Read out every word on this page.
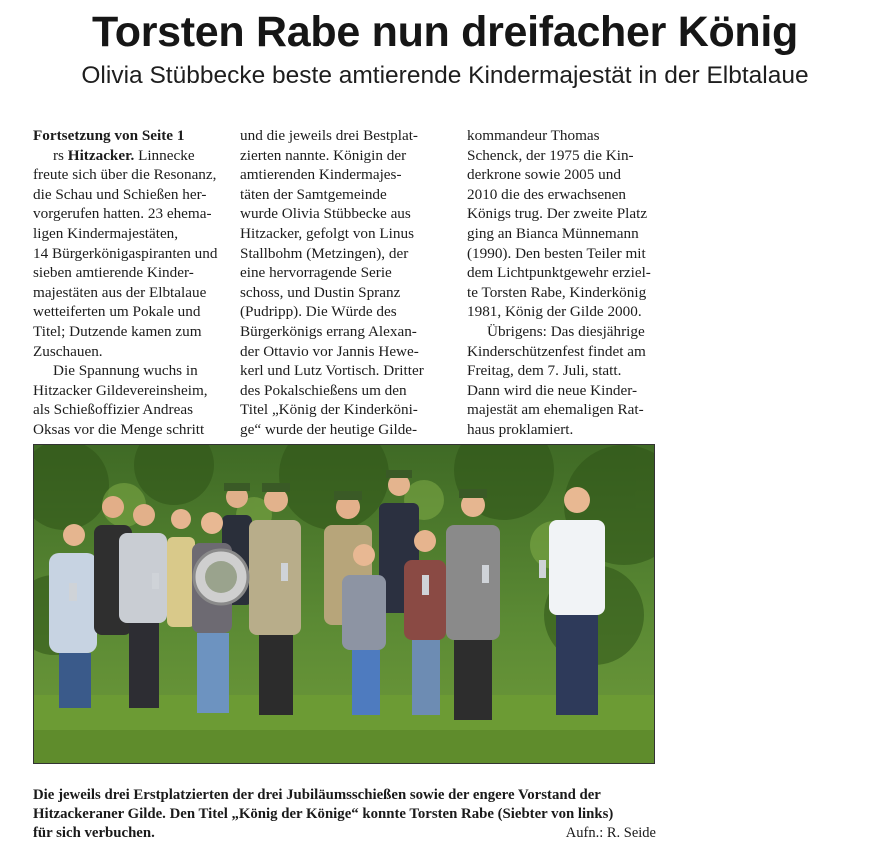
Torsten Rabe nun dreifacher König
Olivia Stübbecke beste amtierende Kindermajestät in der Elbtalaue
Fortsetzung von Seite 1
rs Hitzacker. Linnecke
freute sich über die Resonanz,
die Schau und Schießen her-
vorgerufen hatten. 23 ehema-
ligen Kindermajestäten,
14 Bürgerkönigaspiranten und
sieben amtierende Kinder-
majestäten aus der Elbtalaue
wetteiferten um Pokale und
Titel; Dutzende kamen zum
Zuschauen.
Die Spannung wuchs in
Hitzacker Gildevereinsheim,
als Schießoffizier Andreas
Oksas vor die Menge schritt
und die jeweils drei Bestplat-
zierten nannte. Königin der
amtierenden Kindermajes-
täten der Samtgemeinde
wurde Olivia Stübbecke aus
Hitzacker, gefolgt von Linus
Stallbohm (Metzingen), der
eine hervorragende Serie
schoss, und Dustin Spranz
(Pudripp). Die Würde des
Bürgerkönigs errang Alexan-
der Ottavio vor Jannis Hewe-
kerl und Lutz Vortisch. Dritter
des Pokalschießens um den
Titel „König der Kinderköni-
ge“ wurde der heutige Gilde-
kommandeur Thomas
Schenck, der 1975 die Kin-
derkrone sowie 2005 und
2010 die des erwachsenen
Königs trug. Der zweite Platz
ging an Bianca Münnemann
(1990). Den besten Teiler mit
dem Lichtpunktgewehr erziel-
te Torsten Rabe, Kinderkönig
1981, König der Gilde 2000.
Übrigens: Das diesjährige
Kinderschützenfest findet am
Freitag, dem 7. Juli, statt.
Dann wird die neue Kinder-
majestät am ehemaligen Rat-
haus proklamiert.
Die jeweils drei Erstplatzierten der drei Jubiläumsschießen sowie der engere Vorstand der
Hitzackeraner Gilde. Den Titel „König der Könige“ konnte Torsten Rabe (Siebter von links)
für sich verbuchen.	Aufn.: R. Seide
